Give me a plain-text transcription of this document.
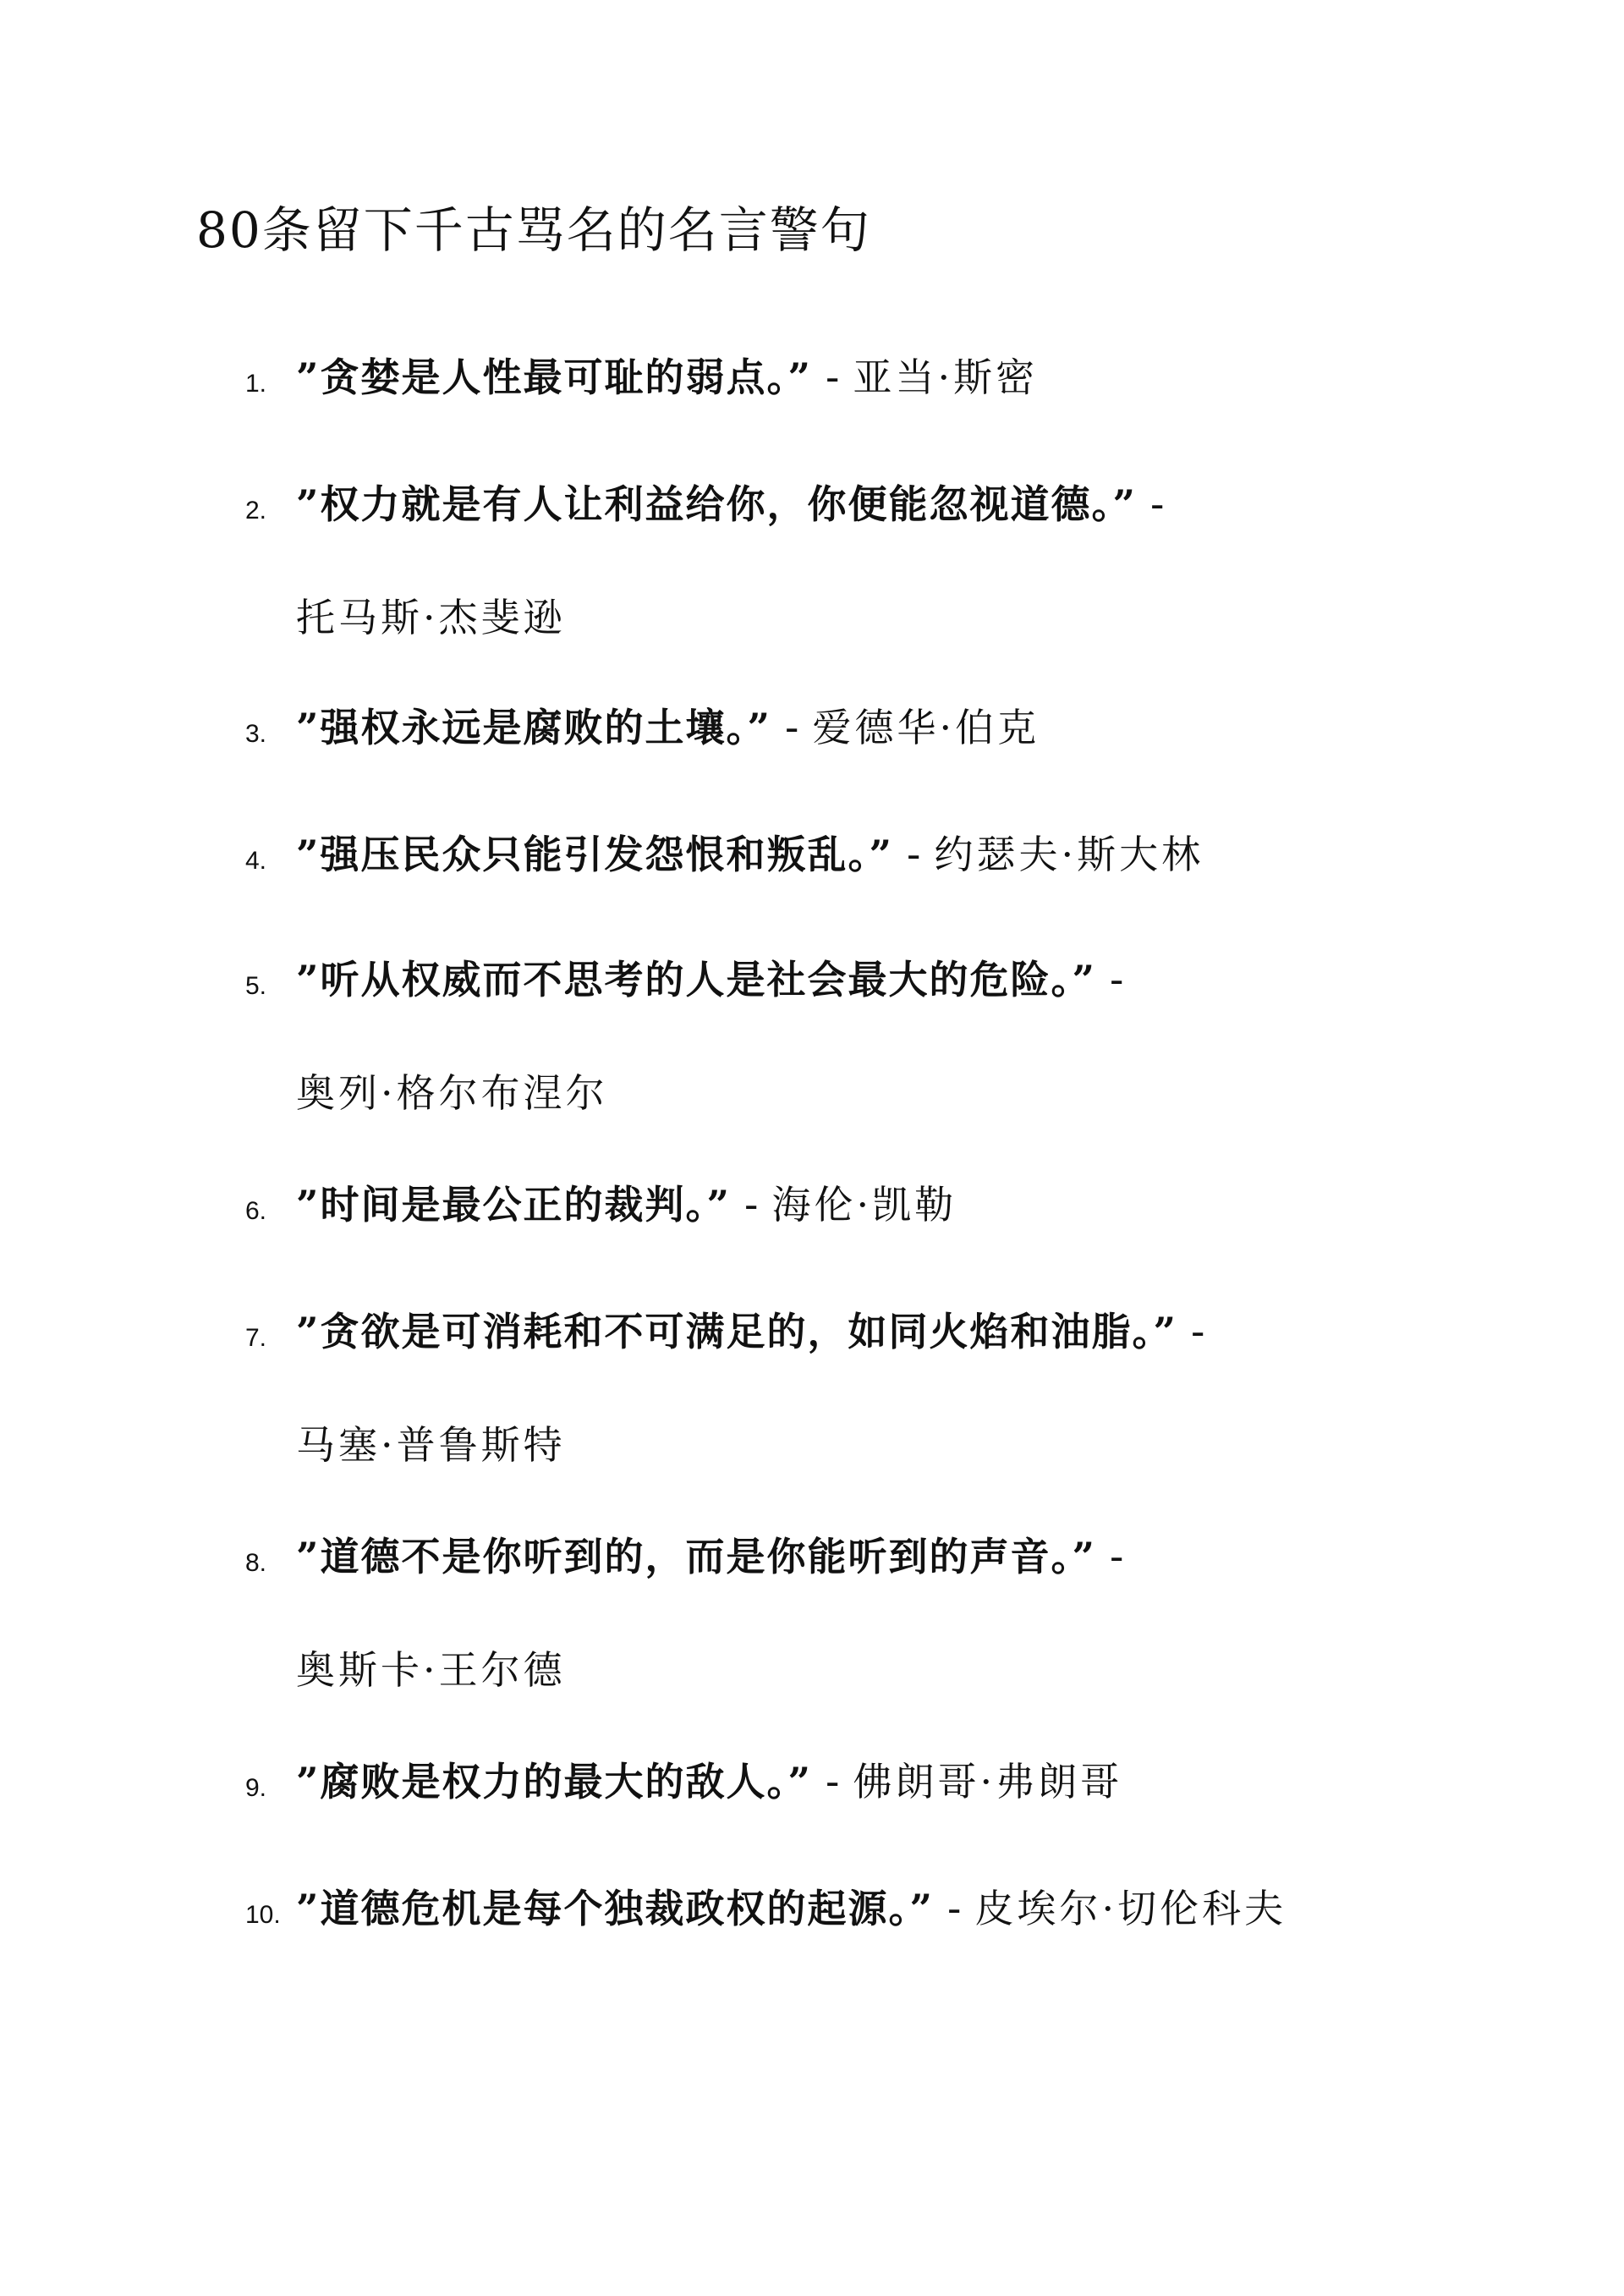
80条留下千古骂名的名言警句
1. ”贪婪是人性最可耻的弱点。” - 亚当·斯密
2. ”权力就是有人让利益给你，你便能忽视道德。” -
托马斯·杰斐逊
3. ”强权永远是腐败的土壤。” - 爱德华·伯克
4. ”强压民众只能引发怨恨和叛乱。” - 约瑟夫·斯大林
5. ”听从权威而不思考的人是社会最大的危险。” -
奥列·格尔布涅尔
6. ”时间是最公正的裁判。” - 海伦·凯勒
7. ”贪欲是可消耗和不可满足的，如同火焰和油脂。” -
马塞·普鲁斯特
8. ”道德不是你听到的，而是你能听到的声音。” -
奥斯卡·王尔德
9. ”腐败是权力的最大的敌人。” - 佛朗哥·弗朗哥
10. ”道德危机是每个独裁政权的起源。” - 皮埃尔·切伦科夫
